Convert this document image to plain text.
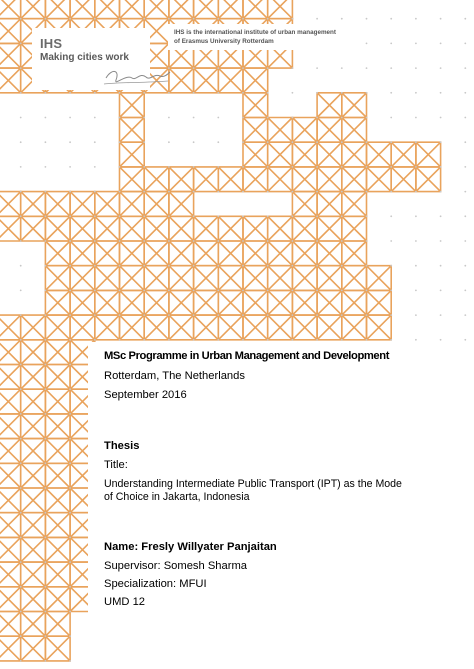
IHS
Making cities work
IHS is the international institute of urban management
of Erasmus University Rotterdam
MSc Programme in Urban Management and Development
Rotterdam, The Netherlands
September 2016
Thesis
Title:
Understanding Intermediate Public Transport (IPT) as the Mode
of Choice in Jakarta, Indonesia
Name: Fresly Willyater Panjaitan
Supervisor: Somesh Sharma
Specialization: MFUI
UMD 12
